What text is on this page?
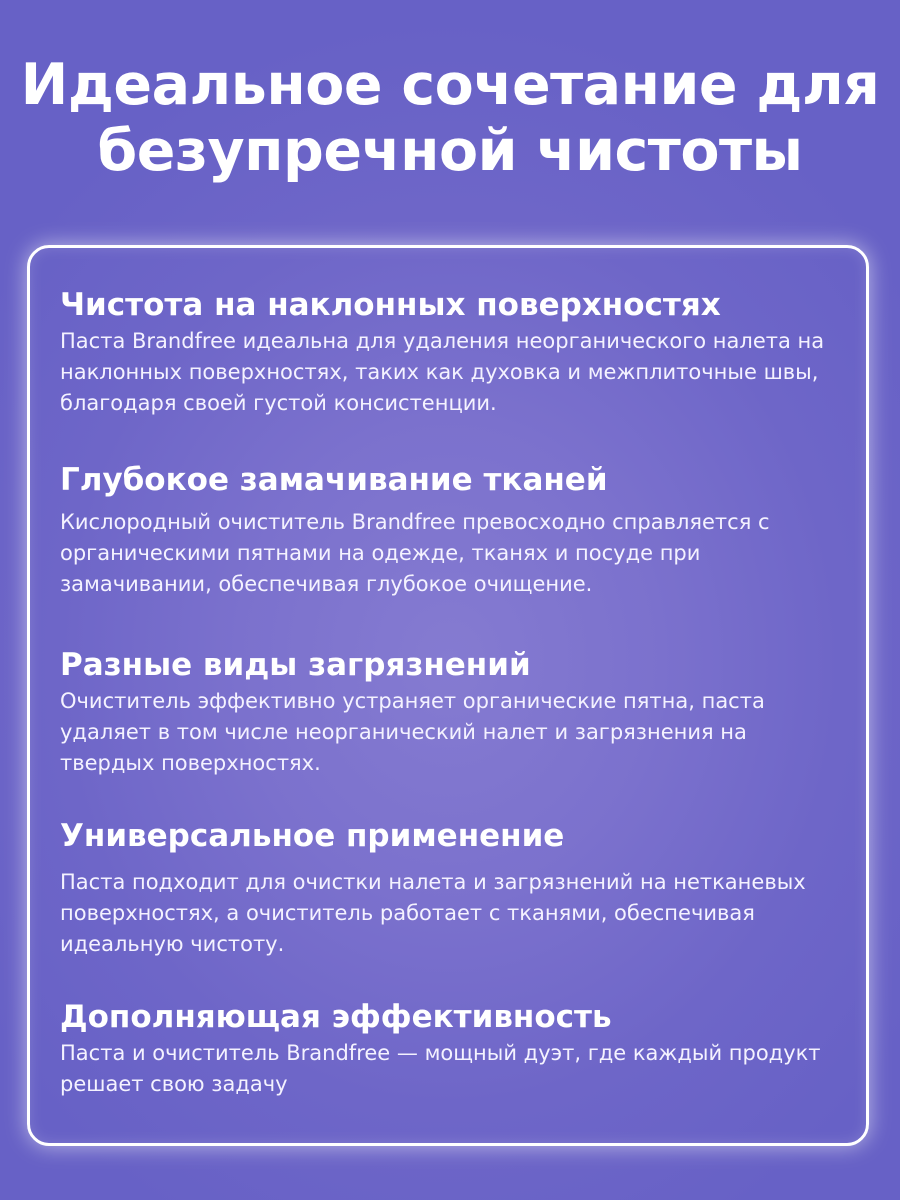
Идеальное сочетание для
безупречной чистоты
Чистота на наклонных поверхностях

Паста Brandfree идеальна для удаления неорганического налета на наклонных поверхностях, таких как духовка и межплиточные швы, благодаря своей густой консистенции.

Глубокое замачивание тканей

Кислородный очиститель Brandfree превосходно справляется с органическими пятнами на одежде, тканях и посуде при замачивании, обеспечивая глубокое очищение.

Разные виды загрязнений

Очиститель эффективно устраняет органические пятна, паста удаляет в том числе неорганический налет и загрязнения на твердых поверхностях.

Универсальное применение

Паста подходит для очистки налета и загрязнений на нетканевых поверхностях, а очиститель работает с тканями, обеспечивая идеальную чистоту.

Дополняющая эффективность

Паста и очиститель Brandfree — мощный дуэт, где каждый продукт решает свою задачу
